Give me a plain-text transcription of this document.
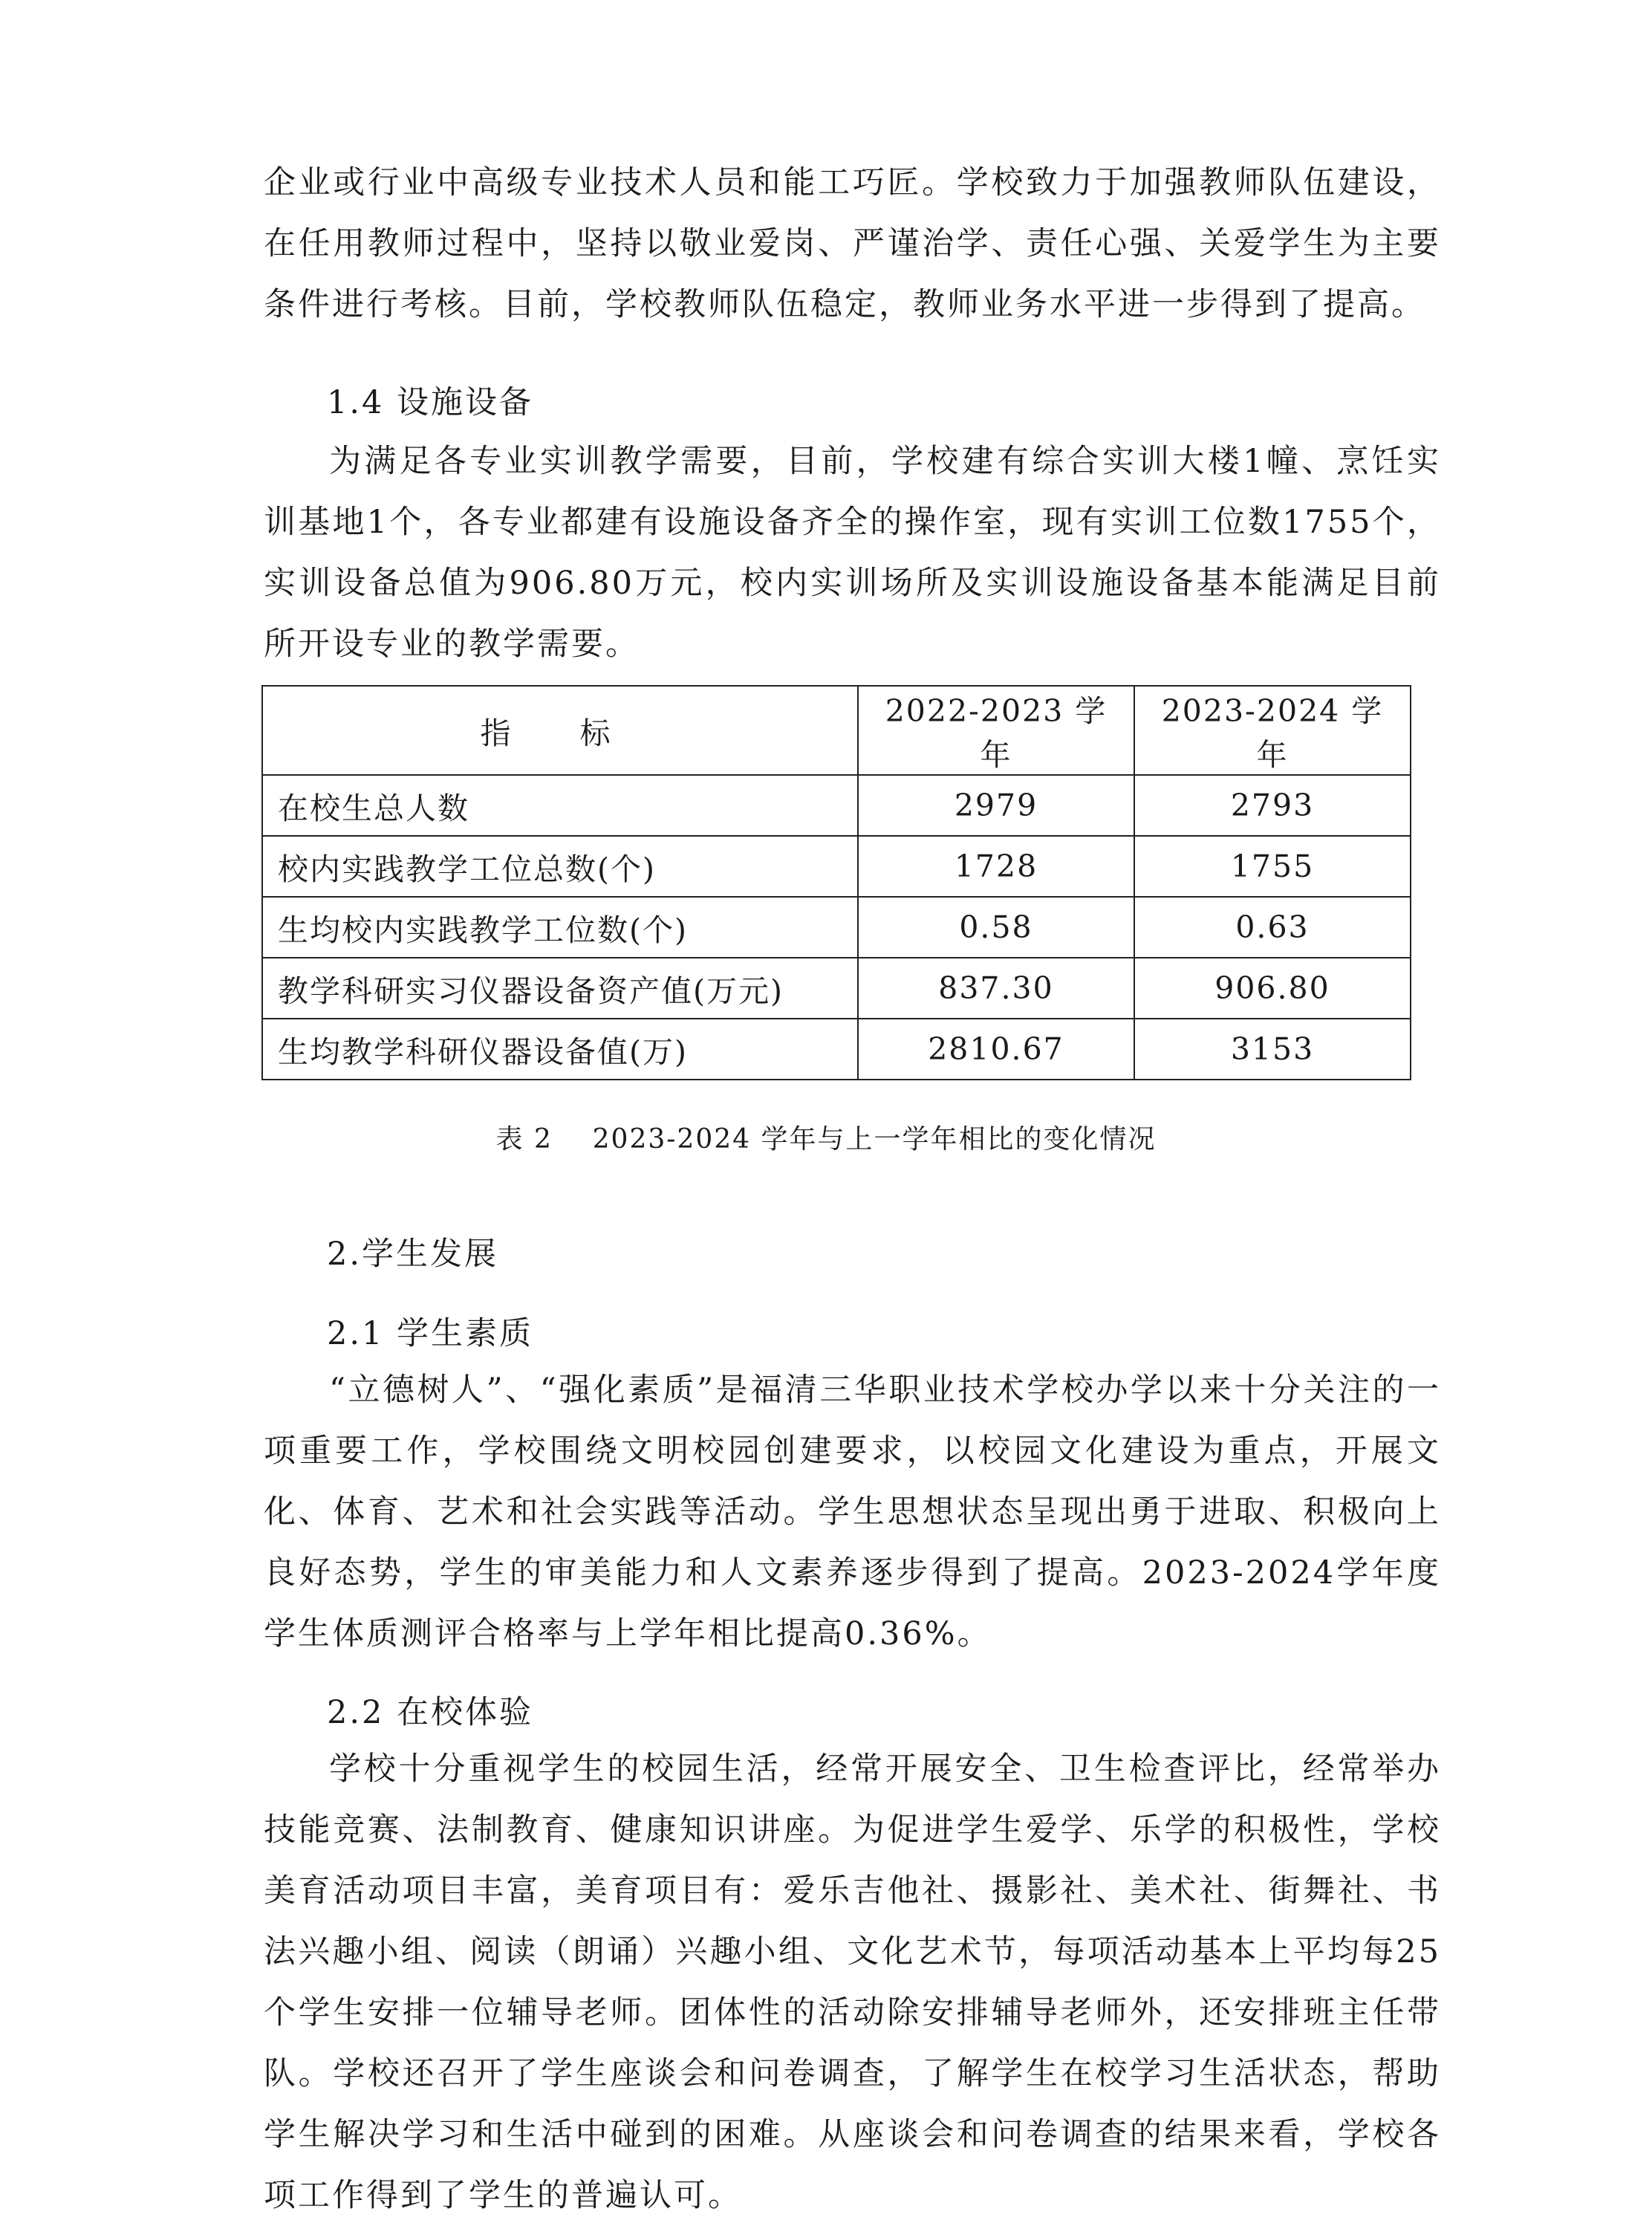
企业或行业中高级专业技术人员和能工巧匠。学校致力于加强教师队伍建设，在任用教师过程中，坚持以敬业爱岗、严谨治学、责任心强、关爱学生为主要条件进行考核。目前，学校教师队伍稳定，教师业务水平进一步得到了提高。

1.4 设施设备

为满足各专业实训教学需要，目前，学校建有综合实训大楼1幢、烹饪实训基地1个，各专业都建有设施设备齐全的操作室，现有实训工位数1755个，实训设备总值为906.80万元，校内实训场所及实训设施设备基本能满足目前所开设专业的教学需要。

指 标	2022-2023 学年	2023-2024 学年
在校生总人数	2979	2793
校内实践教学工位总数(个)	1728	1755
生均校内实践教学工位数(个)	0.58	0.63
教学科研实习仪器设备资产值(万元)	837.30	906.80
生均教学科研仪器设备值(万)	2810.67	3153
表 2    2023-2024 学年与上一学年相比的变化情况
2.学生发展
2.1 学生素质

“立德树人”、“强化素质”是福清三华职业技术学校办学以来十分关注的一项重要工作，学校围绕文明校园创建要求，以校园文化建设为重点，开展文化、体育、艺术和社会实践等活动。学生思想状态呈现出勇于进取、积极向上良好态势，学生的审美能力和人文素养逐步得到了提高。2023-2024学年度学生体质测评合格率与上学年相比提高0.36%。

2.2 在校体验

学校十分重视学生的校园生活，经常开展安全、卫生检查评比，经常举办技能竞赛、法制教育、健康知识讲座。为促进学生爱学、乐学的积极性，学校美育活动项目丰富，美育项目有：爱乐吉他社、摄影社、美术社、街舞社、书法兴趣小组、阅读（朗诵）兴趣小组、文化艺术节，每项活动基本上平均每25个学生安排一位辅导老师。团体性的活动除安排辅导老师外，还安排班主任带队。学校还召开了学生座谈会和问卷调查，了解学生在校学习生活状态，帮助学生解决学习和生活中碰到的困难。从座谈会和问卷调查的结果来看，学校各项工作得到了学生的普遍认可。
